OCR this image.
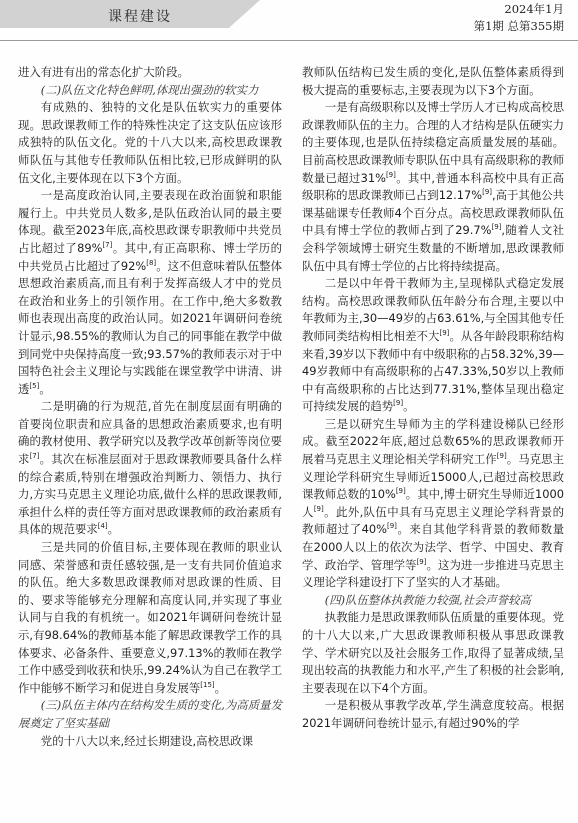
课程建设	2024年1月
第1期 总第355期

进入有进有出的常态化扩大阶段。

(二)队伍文化特色鲜明,体现出强劲的软实力

有成熟的、独特的文化是队伍软实力的重要体现。思政课教师工作的特殊性决定了这支队伍应该形成独特的队伍文化。党的十八大以来,高校思政课教师队伍与其他专任教师队伍相比较,已形成鲜明的队伍文化,主要体现在以下3个方面。

一是高度政治认同,主要表现在政治面貌和职能履行上。中共党员人数多,是队伍政治认同的最主要体现。截至2023年底,高校思政课专职教师中共党员占比超过了89%[7]。其中,有正高职称、博士学历的中共党员占比超过了92%[8]。这不但意味着队伍整体思想政治素质高,而且有利于发挥高级人才中的党员在政治和业务上的引领作用。在工作中,绝大多数教师也表现出高度的政治认同。如2021年调研问卷统计显示,98.55%的教师认为自己的同事能在教学中做到同党中央保持高度一致;93.57%的教师表示对于中国特色社会主义理论与实践能在课堂教学中讲清、讲透[5]。

二是明确的行为规范,首先在制度层面有明确的首要岗位职责和应具备的思想政治素质要求,也有明确的教材使用、教学研究以及教学改革创新等岗位要求[7]。其次在标准层面对于思政课教师要具备什么样的综合素质,特别在增强政治判断力、领悟力、执行力,方实马克思主义理论功底,做什么样的思政课教师,承担什么样的责任等方面对思政课教师的政治素质有具体的规范要求[4]。

三是共同的价值目标,主要体现在教师的职业认同感、荣誉感和责任感较强,是一支有共同价值追求的队伍。绝大多数思政课教师对思政课的性质、目的、要求等能够充分理解和高度认同,并实现了事业认同与自我的有机统一。如2021年调研问卷统计显示,有98.64%的教师基本能了解思政课教学工作的具体要求、必备条件、重要意义,97.13%的教师在教学工作中感受到收获和快乐,99.24%认为自己在教学工作中能够不断学习和促进自身发展等[15]。

(三)队伍主体内在结构发生质的变化,为高质量发展奠定了坚实基础

党的十八大以来,经过长期建设,高校思政课

教师队伍结构已发生质的变化,是队伍整体素质得到极大提高的重要标志,主要表现为以下3个方面。

一是有高级职称以及博士学历人才已构成高校思政课教师队伍的主力。合理的人才结构是队伍硬实力的主要体现,也是队伍持续稳定高质量发展的基础。目前高校思政课教师专职队伍中具有高级职称的教师数量已超过31%[9]。其中,普通本科高校中具有正高级职称的思政课教师已占到12.17%[9],高于其他公共课基础课专任教师4个百分点。高校思政课教师队伍中具有博士学位的教师占到了29.7%[9],随着人文社会科学领域博士研究生数量的不断增加,思政课教师队伍中具有博士学位的占比将持续提高。

二是以中年骨干教师为主,呈现梯队式稳定发展结构。高校思政课教师队伍年龄分布合理,主要以中年教师为主,30—49岁的占63.61%,与全国其他专任教师同类结构相比相差不大[9]。从各年龄段职称结构来看,39岁以下教师中有中级职称的占58.32%,39—49岁教师中有高级职称的占47.33%,50岁以上教师中有高级职称的占比达到77.31%,整体呈现出稳定可持续发展的趋势[9]。

三是以研究生导师为主的学科建设梯队已经形成。截至2022年底,超过总数65%的思政课教师开展着马克思主义理论相关学科研究工作[9]。马克思主义理论学科研究生导师近15000人,已超过高校思政课教师总数的10%[9]。其中,博士研究生导师近1000人[9]。此外,队伍中具有马克思主义理论学科背景的教师超过了40%[9]。来自其他学科背景的教师数量在2000人以上的依次为法学、哲学、中国史、教育学、政治学、管理学等[9]。这为进一步推进马克思主义理论学科建设打下了坚实的人才基础。

(四)队伍整体执教能力较强,社会声誉较高

执教能力是思政课教师队伍质量的重要体现。党的十八大以来,广大思政课教师积极从事思政课教学、学术研究以及社会服务工作,取得了显著成绩,呈现出较高的执教能力和水平,产生了积极的社会影响,主要表现在以下4个方面。

一是积极从事教学改革,学生满意度较高。根据2021年调研问卷统计显示,有超过90%的学
